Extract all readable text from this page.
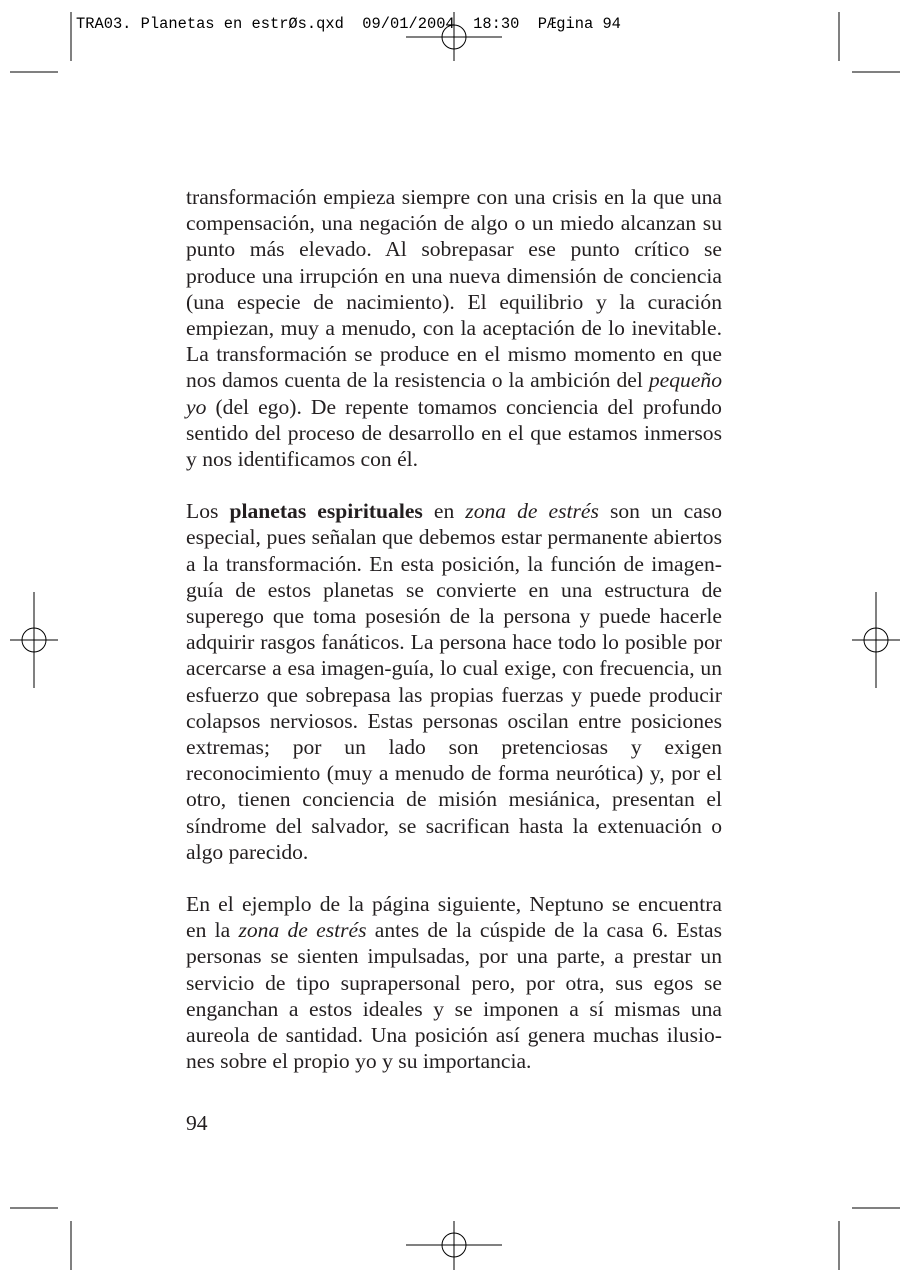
TRA03. Planetas en estrØs.qxd  09/01/2004  18:30  PÆgina 94

transformación empieza siempre con una crisis en la que una compensación, una negación de algo o un miedo alcanzan su punto más elevado. Al sobrepasar ese punto crítico se produce una irrupción en una nueva dimensión de conciencia (una especie de nacimiento). El equilibrio y la curación empiezan, muy a menudo, con la aceptación de lo inevitable. La transformación se produce en el mismo momento en que nos damos cuenta de la resistencia o la ambición del pequeño yo (del ego). De repente tomamos conciencia del profundo sentido del proceso de desarrollo en el que estamos inmersos y nos identificamos con él.

Los planetas espirituales en zona de estrés son un caso especial, pues señalan que debemos estar permanente abiertos a la transformación. En esta posición, la función de imagenguía de estos planetas se convierte en una estructura de superego que toma posesión de la persona y puede hacerle adquirir rasgos fanáticos. La persona hace todo lo posible por acercarse a esa imagen-guía, lo cual exige, con frecuencia, un esfuerzo que sobrepasa las propias fuerzas y puede producir colapsos nerviosos. Estas personas oscilan entre posiciones extremas; por un lado son pretenciosas y exigen reconocimiento (muy a menudo de forma neurótica) y, por el otro, tienen conciencia de misión mesiánica, presentan el síndrome del salvador, se sacrifican hasta la extenuación o algo parecido.

En el ejemplo de la página siguiente, Neptuno se encuentra en la zona de estrés antes de la cúspide de la casa 6. Estas personas se sienten impulsadas, por una parte, a prestar un servicio de tipo suprapersonal pero, por otra, sus egos se enganchan a estos ideales y se imponen a sí mismas una aureola de santidad. Una posición así genera muchas ilusiones sobre el propio yo y su importancia.

94
